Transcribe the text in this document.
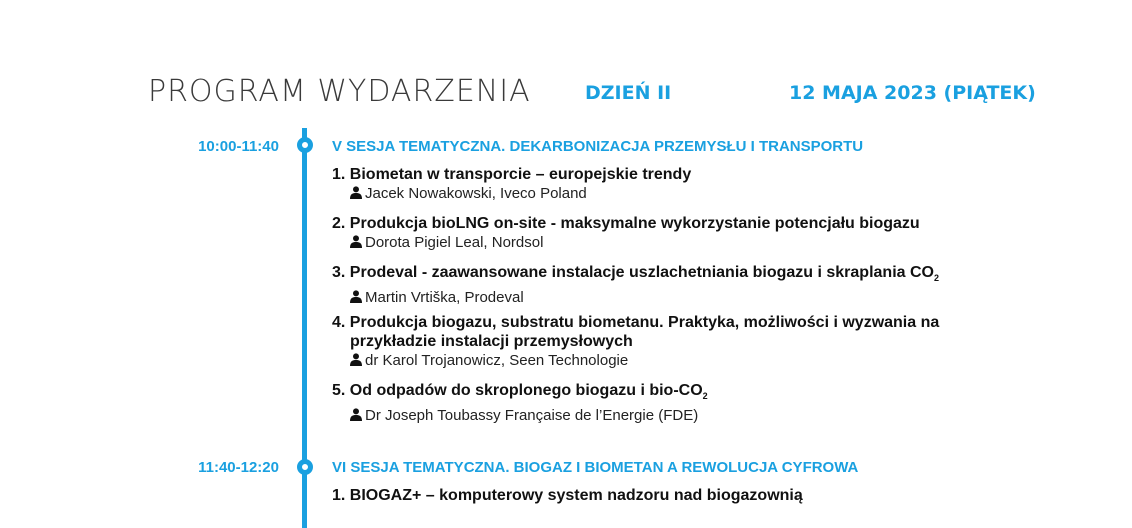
PROGRAM WYDARZENIA	DZIEŃ II	12 MAJA 2023 (PIĄTEK)
10:00-11:40	V SESJA TEMATYCZNA. DEKARBONIZACJA PRZEMYSŁU I TRANSPORTU
1. Biometan w transporcie – europejskie trendy
Jacek Nowakowski, Iveco Poland
2. Produkcja bioLNG on-site - maksymalne wykorzystanie potencjału biogazu
Dorota Pigiel Leal, Nordsol
3. Prodeval - zaawansowane instalacje uszlachetniania biogazu i skraplania $CO_2$
Martin Vrtiška, Prodeval
4. Produkcja biogazu, substratu biometanu. Praktyka, możliwości i wyzwania na
przykładzie instalacji przemysłowych
dr Karol Trojanowicz, Seen Technologie
5. Od odpadów do skroplonego biogazu i bio-$CO_2$
Dr Joseph Toubassy Française de l’Energie (FDE)
11:40-12:20	VI SESJA TEMATYCZNA. BIOGAZ I BIOMETAN A REWOLUCJA CYFROWA
1. BIOGAZ+ – komputerowy system nadzoru nad biogazownią
